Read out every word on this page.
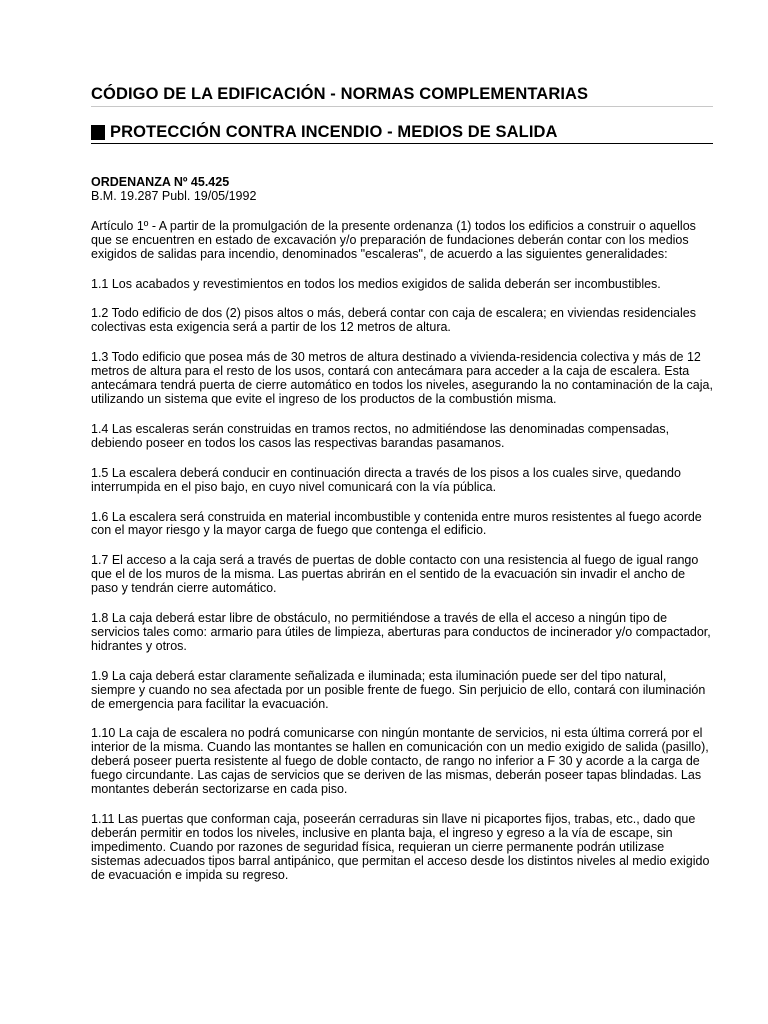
CÓDIGO DE LA EDIFICACIÓN - NORMAS COMPLEMENTARIAS
PROTECCIÓN CONTRA INCENDIO - MEDIOS DE SALIDA

ORDENANZA Nº 45.425

B.M. 19.287 Publ. 19/05/1992

Artículo 1º - A partir de la promulgación de la presente ordenanza (1) todos los edificios a construir o aquellos que se encuentren en estado de excavación y/o preparación de fundaciones deberán contar con los medios exigidos de salidas para incendio, denominados "escaleras", de acuerdo a las siguientes generalidades:

1.1 Los acabados y revestimientos en todos los medios exigidos de salida deberán ser incombustibles.

1.2 Todo edificio de dos (2) pisos altos o más, deberá contar con caja de escalera; en viviendas residenciales colectivas esta exigencia será a partir de los 12 metros de altura.

1.3 Todo edificio que posea más de 30 metros de altura destinado a vivienda-residencia colectiva y más de 12 metros de altura para el resto de los usos, contará con antecámara para acceder a la caja de escalera. Esta antecámara tendrá puerta de cierre automático en todos los niveles, asegurando la no contaminación de la caja, utilizando un sistema que evite el ingreso de los productos de la combustión misma.

1.4 Las escaleras serán construidas en tramos rectos, no admitiéndose las denominadas compensadas, debiendo poseer en todos los casos las respectivas barandas pasamanos.

1.5 La escalera deberá conducir en continuación directa a través de los pisos a los cuales sirve, quedando interrumpida en el piso bajo, en cuyo nivel comunicará con la vía pública.

1.6 La escalera será construida en material incombustible y contenida entre muros resistentes al fuego acorde con el mayor riesgo y la mayor carga de fuego que contenga el edificio.

1.7 El acceso a la caja será a través de puertas de doble contacto con una resistencia al fuego de igual rango que el de los muros de la misma. Las puertas abrirán en el sentido de la evacuación sin invadir el ancho de paso y tendrán cierre automático.

1.8 La caja deberá estar libre de obstáculo, no permitiéndose a través de ella el acceso a ningún tipo de servicios tales como: armario para útiles de limpieza, aberturas para conductos de incinerador y/o compactador, hidrantes y otros.

1.9 La caja deberá estar claramente señalizada e iluminada; esta iluminación puede ser del tipo natural, siempre y cuando no sea afectada por un posible frente de fuego. Sin perjuicio de ello, contará con iluminación de emergencia para facilitar la evacuación.

1.10 La caja de escalera no podrá comunicarse con ningún montante de servicios, ni esta última correrá por el interior de la misma. Cuando las montantes se hallen en comunicación con un medio exigido de salida (pasillo), deberá poseer puerta resistente al fuego de doble contacto, de rango no inferior a F 30 y acorde a la carga de fuego circundante. Las cajas de servicios que se deriven de las mismas, deberán poseer tapas blindadas. Las montantes deberán sectorizarse en cada piso.

1.11 Las puertas que conforman caja, poseerán cerraduras sin llave ni picaportes fijos, trabas, etc., dado que deberán permitir en todos los niveles, inclusive en planta baja, el ingreso y egreso a la vía de escape, sin impedimento. Cuando por razones de seguridad física, requieran un cierre permanente podrán utilizase sistemas adecuados tipos barral antipánico, que permitan el acceso desde los distintos niveles al medio exigido de evacuación e impida su regreso.
